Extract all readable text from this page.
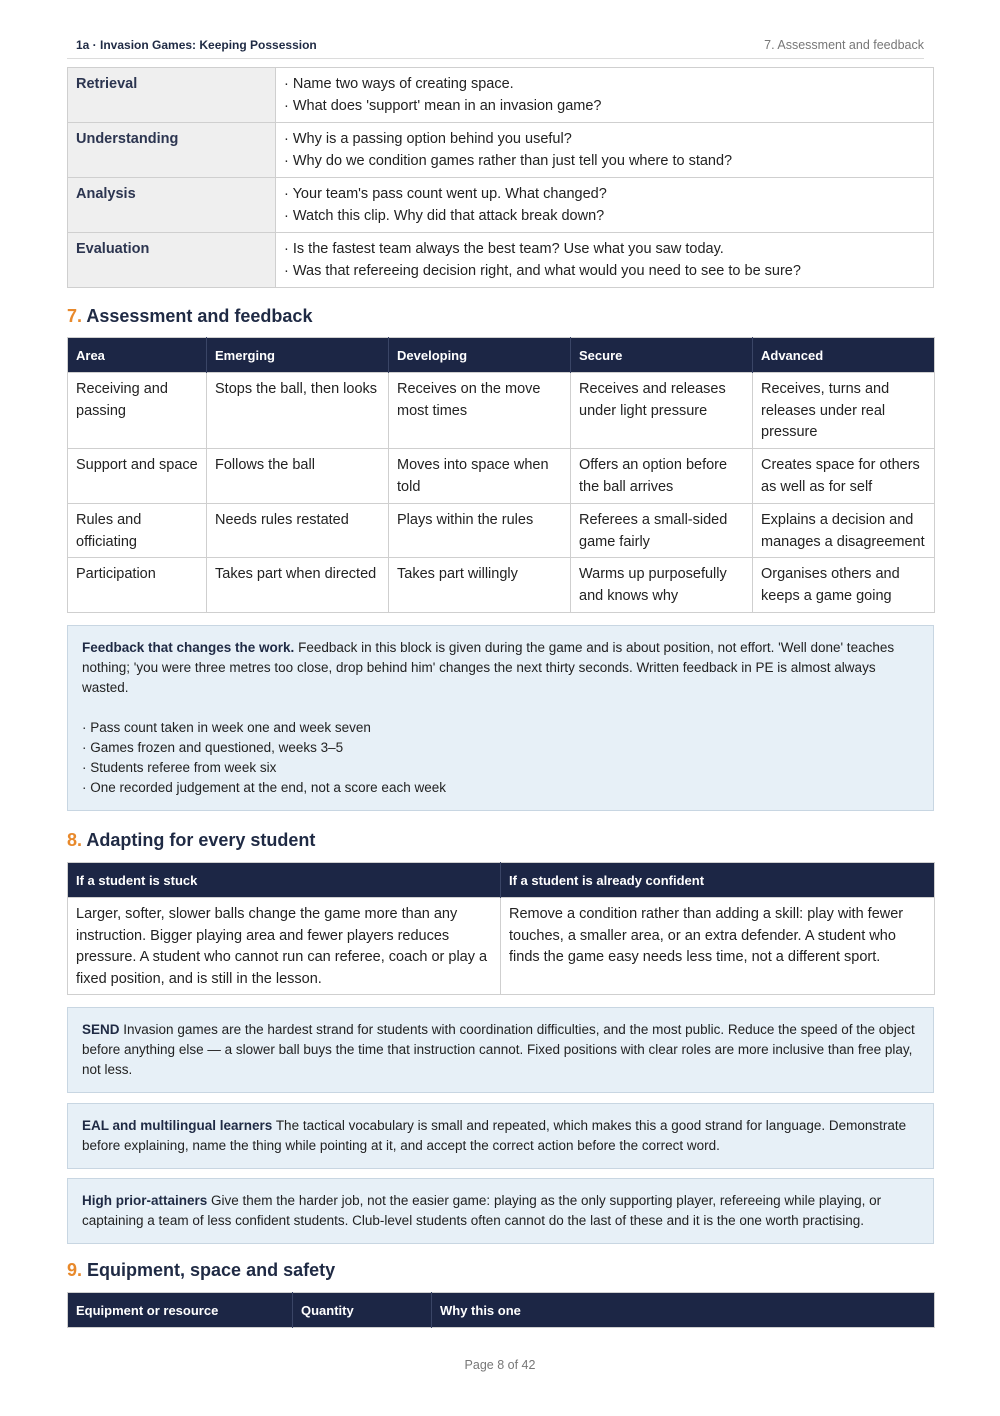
1a · Invasion Games: Keeping Possession	7. Assessment and feedback
Retrieval	· Name two ways of creating space.
· What does 'support' mean in an invasion game?

Understanding	· Why is a passing option behind you useful?
· Why do we condition games rather than just tell you where to stand?

Analysis	· Your team's pass count went up. What changed?
· Watch this clip. Why did that attack break down?

Evaluation	· Is the fastest team always the best team? Use what you saw today.
· Was that refereeing decision right, and what would you need to see to be sure?
7. Assessment and feedback
Area	Emerging	Developing	Secure	Advanced
Receiving and passing	Stops the ball, then looks	Receives on the move most times	Receives and releases under light pressure	Receives, turns and releases under real pressure
Support and space	Follows the ball	Moves into space when told	Offers an option before the ball arrives	Creates space for others as well as for self
Rules and officiating	Needs rules restated	Plays within the rules	Referees a small-sided game fairly	Explains a decision and manages a disagreement
Participation	Takes part when directed	Takes part willingly	Warms up purposefully and knows why	Organises others and keeps a game going
Feedback that changes the work. Feedback in this block is given during the game and is about position, not effort. 'Well done' teaches nothing; 'you were three metres too close, drop behind him' changes the next thirty seconds. Written feedback in PE is almost always wasted.
· Pass count taken in week one and week seven
· Games frozen and questioned, weeks 3–5
· Students referee from week six
· One recorded judgement at the end, not a score each week
8. Adapting for every student
If a student is stuck	If a student is already confident
Larger, softer, slower balls change the game more than any instruction. Bigger playing area and fewer players reduces pressure. A student who cannot run can referee, coach or play a fixed position, and is still in the lesson.	Remove a condition rather than adding a skill: play with fewer touches, a smaller area, or an extra defender. A student who finds the game easy needs less time, not a different sport.
SEND Invasion games are the hardest strand for students with coordination difficulties, and the most public. Reduce the speed of the object before anything else — a slower ball buys the time that instruction cannot. Fixed positions with clear roles are more inclusive than free play, not less.
EAL and multilingual learners The tactical vocabulary is small and repeated, which makes this a good strand for language. Demonstrate before explaining, name the thing while pointing at it, and accept the correct action before the correct word.
High prior-attainers Give them the harder job, not the easier game: playing as the only supporting player, refereeing while playing, or captaining a team of less confident students. Club-level students often cannot do the last of these and it is the one worth practising.
9. Equipment, space and safety
Equipment or resource	Quantity	Why this one
Page 8 of 42
